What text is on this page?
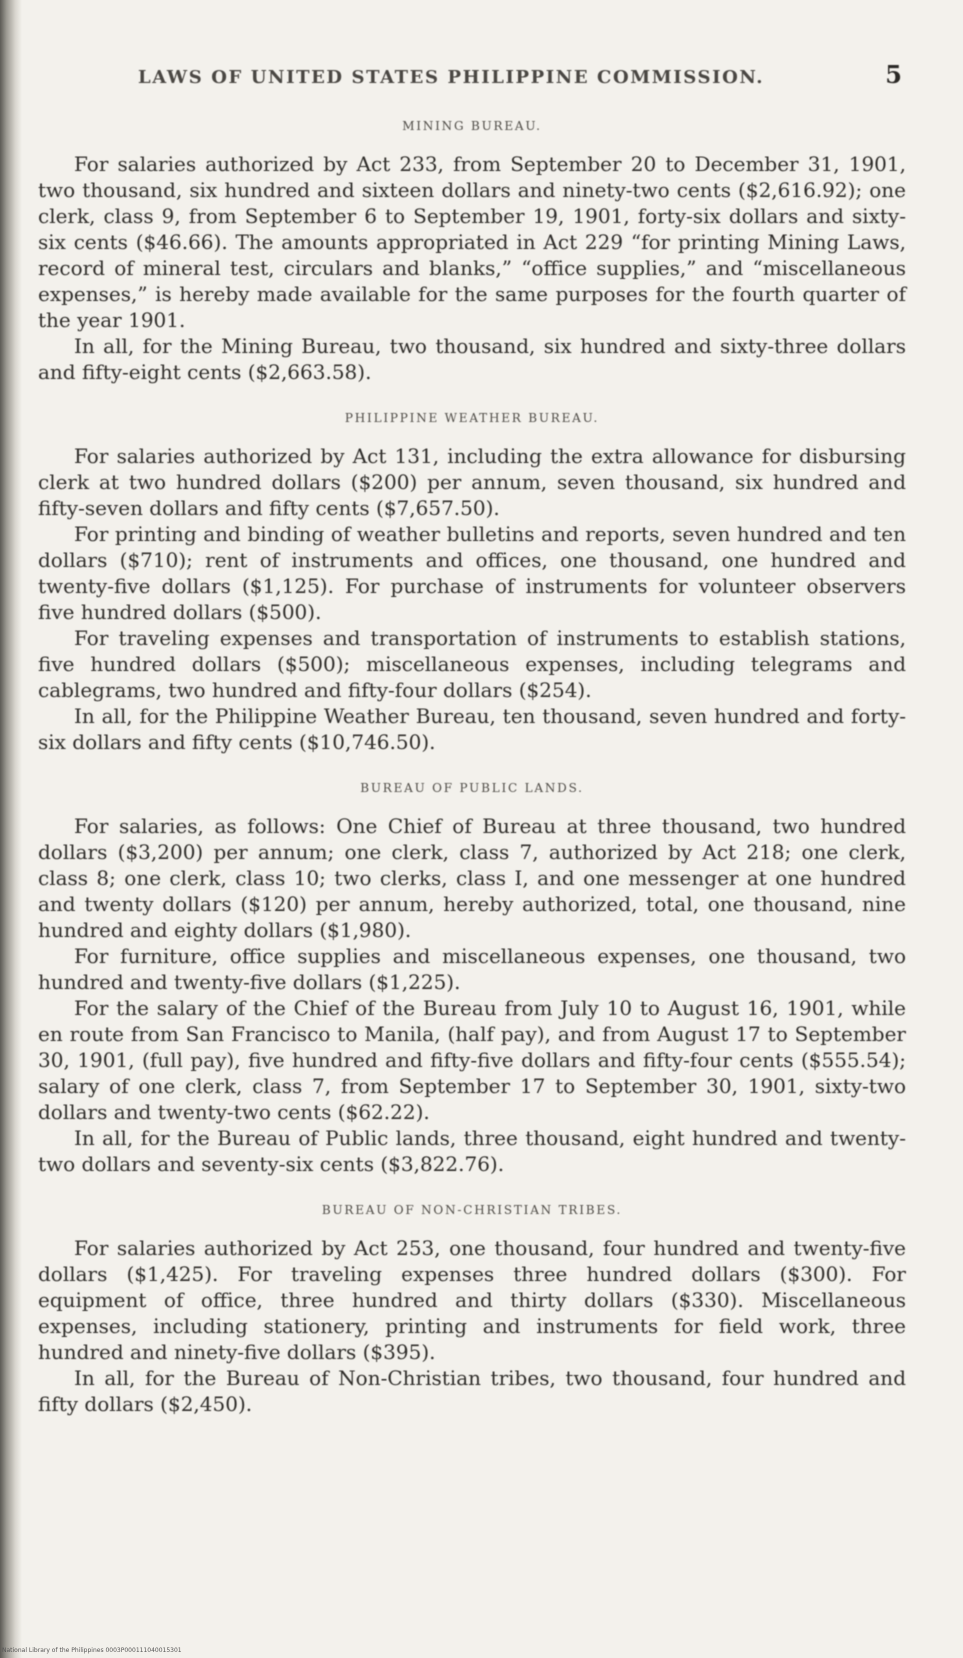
LAWS OF UNITED STATES PHILIPPINE COMMISSION.	5
MINING BUREAU.

For salaries authorized by Act 233, from September 20 to December 31, 1901, two thousand, six hundred and sixteen dollars and ninety-two cents ($2,616.92); one clerk, class 9, from September 6 to September 19, 1901, forty-six dollars and sixty-six cents ($46.66). The amounts appropriated in Act 229 “for printing Mining Laws, record of mineral test, circulars and blanks,” “office supplies,” and “miscellaneous expenses,” is hereby made available for the same purposes for the fourth quarter of the year 1901.

In all, for the Mining Bureau, two thousand, six hundred and sixty-three dollars and fifty-eight cents ($2,663.58).

PHILIPPINE WEATHER BUREAU.

For salaries authorized by Act 131, including the extra allowance for disbursing clerk at two hundred dollars ($200) per annum, seven thousand, six hundred and fifty-seven dollars and fifty cents ($7,657.50).

For printing and binding of weather bulletins and reports, seven hundred and ten dollars ($710); rent of instruments and offices, one thousand, one hundred and twenty-five dollars ($1,125). For purchase of instruments for volunteer observers five hundred dollars ($500).

For traveling expenses and transportation of instruments to establish stations, five hundred dollars ($500); miscellaneous expenses, including telegrams and cablegrams, two hundred and fifty-four dollars ($254).

In all, for the Philippine Weather Bureau, ten thousand, seven hundred and forty-six dollars and fifty cents ($10,746.50).

BUREAU OF PUBLIC LANDS.

For salaries, as follows: One Chief of Bureau at three thousand, two hundred dollars ($3,200) per annum; one clerk, class 7, authorized by Act 218; one clerk, class 8; one clerk, class 10; two clerks, class I, and one messenger at one hundred and twenty dollars ($120) per annum, hereby authorized, total, one thousand, nine hundred and eighty dollars ($1,980).

For furniture, office supplies and miscellaneous expenses, one thousand, two hundred and twenty-five dollars ($1,225).

For the salary of the Chief of the Bureau from July 10 to August 16, 1901, while en route from San Francisco to Manila, (half pay), and from August 17 to September 30, 1901, (full pay), five hundred and fifty-five dollars and fifty-four cents ($555.54); salary of one clerk, class 7, from September 17 to September 30, 1901, sixty-two dollars and twenty-two cents ($62.22).

In all, for the Bureau of Public lands, three thousand, eight hundred and twenty-two dollars and seventy-six cents ($3,822.76).

BUREAU OF NON-CHRISTIAN TRIBES.

For salaries authorized by Act 253, one thousand, four hundred and twenty-five dollars ($1,425). For traveling expenses three hundred dollars ($300). For equipment of office, three hundred and thirty dollars ($330). Miscellaneous expenses, including stationery, printing and instruments for field work, three hundred and ninety-five dollars ($395).

In all, for the Bureau of Non-Christian tribes, two thousand, four hundred and fifty dollars ($2,450).

National Library of the Philippines 0003P000111040015301
